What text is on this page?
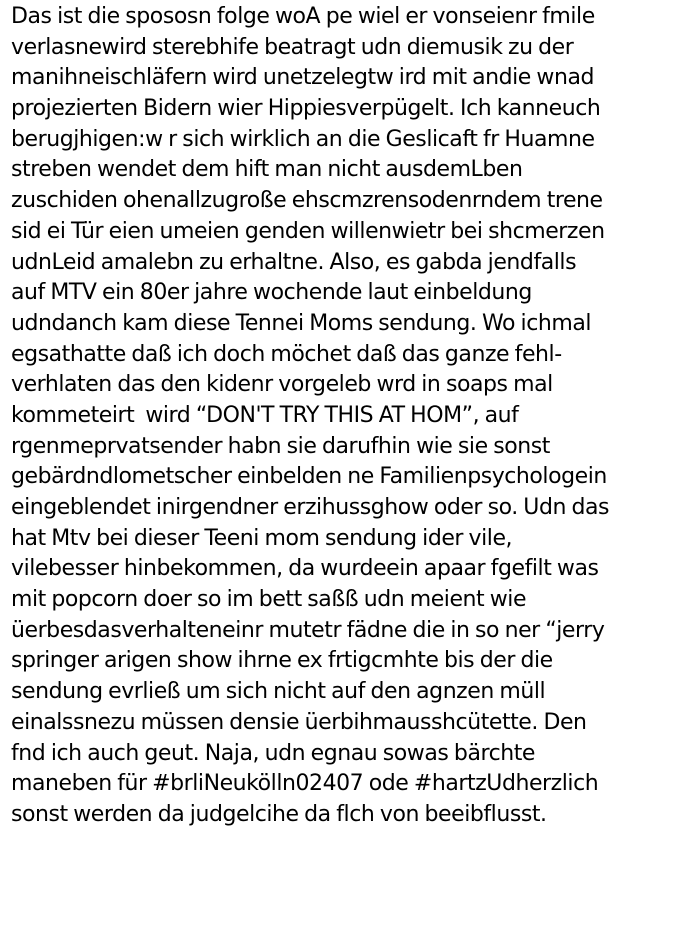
Das ist die spososn folge woA pe wiel er vonseienr fmile
verlasnewird sterebhife beatragt udn diemusik zu der
manihneischläfern wird unetzelegtw ird mit andie wnad
projezierten Bidern wier Hippiesverpügelt. Ich kanneuch
berugjhigen:w r sich wirklich an die Geslicaft fr Huamne
streben wendet dem hift man nicht ausdemLben
zuschiden ohenallzugroße ehscmzrensodenrndem trene
sid ei Tür eien umeien genden willenwietr bei shcmerzen
udnLeid amalebn zu erhaltne. Also, es gabda jendfalls
auf MTV ein 80er jahre wochende laut einbeldung
udndanch kam diese Tennei Moms sendung. Wo ichmal
egsathatte daß ich doch möchet daß das ganze fehl-
verhlaten das den kidenr vorgeleb wrd in soaps mal
kommeteirt  wird “DON'T TRY THIS AT HOM”, auf
rgenmeprvatsender habn sie darufhin wie sie sonst
gebärdndlometscher einbelden ne Familienpsychologein
eingeblendet inirgendner erzihussghow oder so. Udn das
hat Mtv bei dieser Teeni mom sendung ider vile,
vilebesser hinbekommen, da wurdeein apaar fgefilt was
mit popcorn doer so im bett saßß udn meient wie
üerbesdasverhalteneinr mutetr fädne die in so ner “jerry
springer arigen show ihrne ex frtigcmhte bis der die
sendung evrließ um sich nicht auf den agnzen müll
einalssnezu müssen densie üerbihmausshcütette. Den
fnd ich auch geut. Naja, udn egnau sowas bärchte
maneben für #brliNeukölln02407 ode #hartzUdherzlich
sonst werden da judgelcihe da flch von beeibflusst.
